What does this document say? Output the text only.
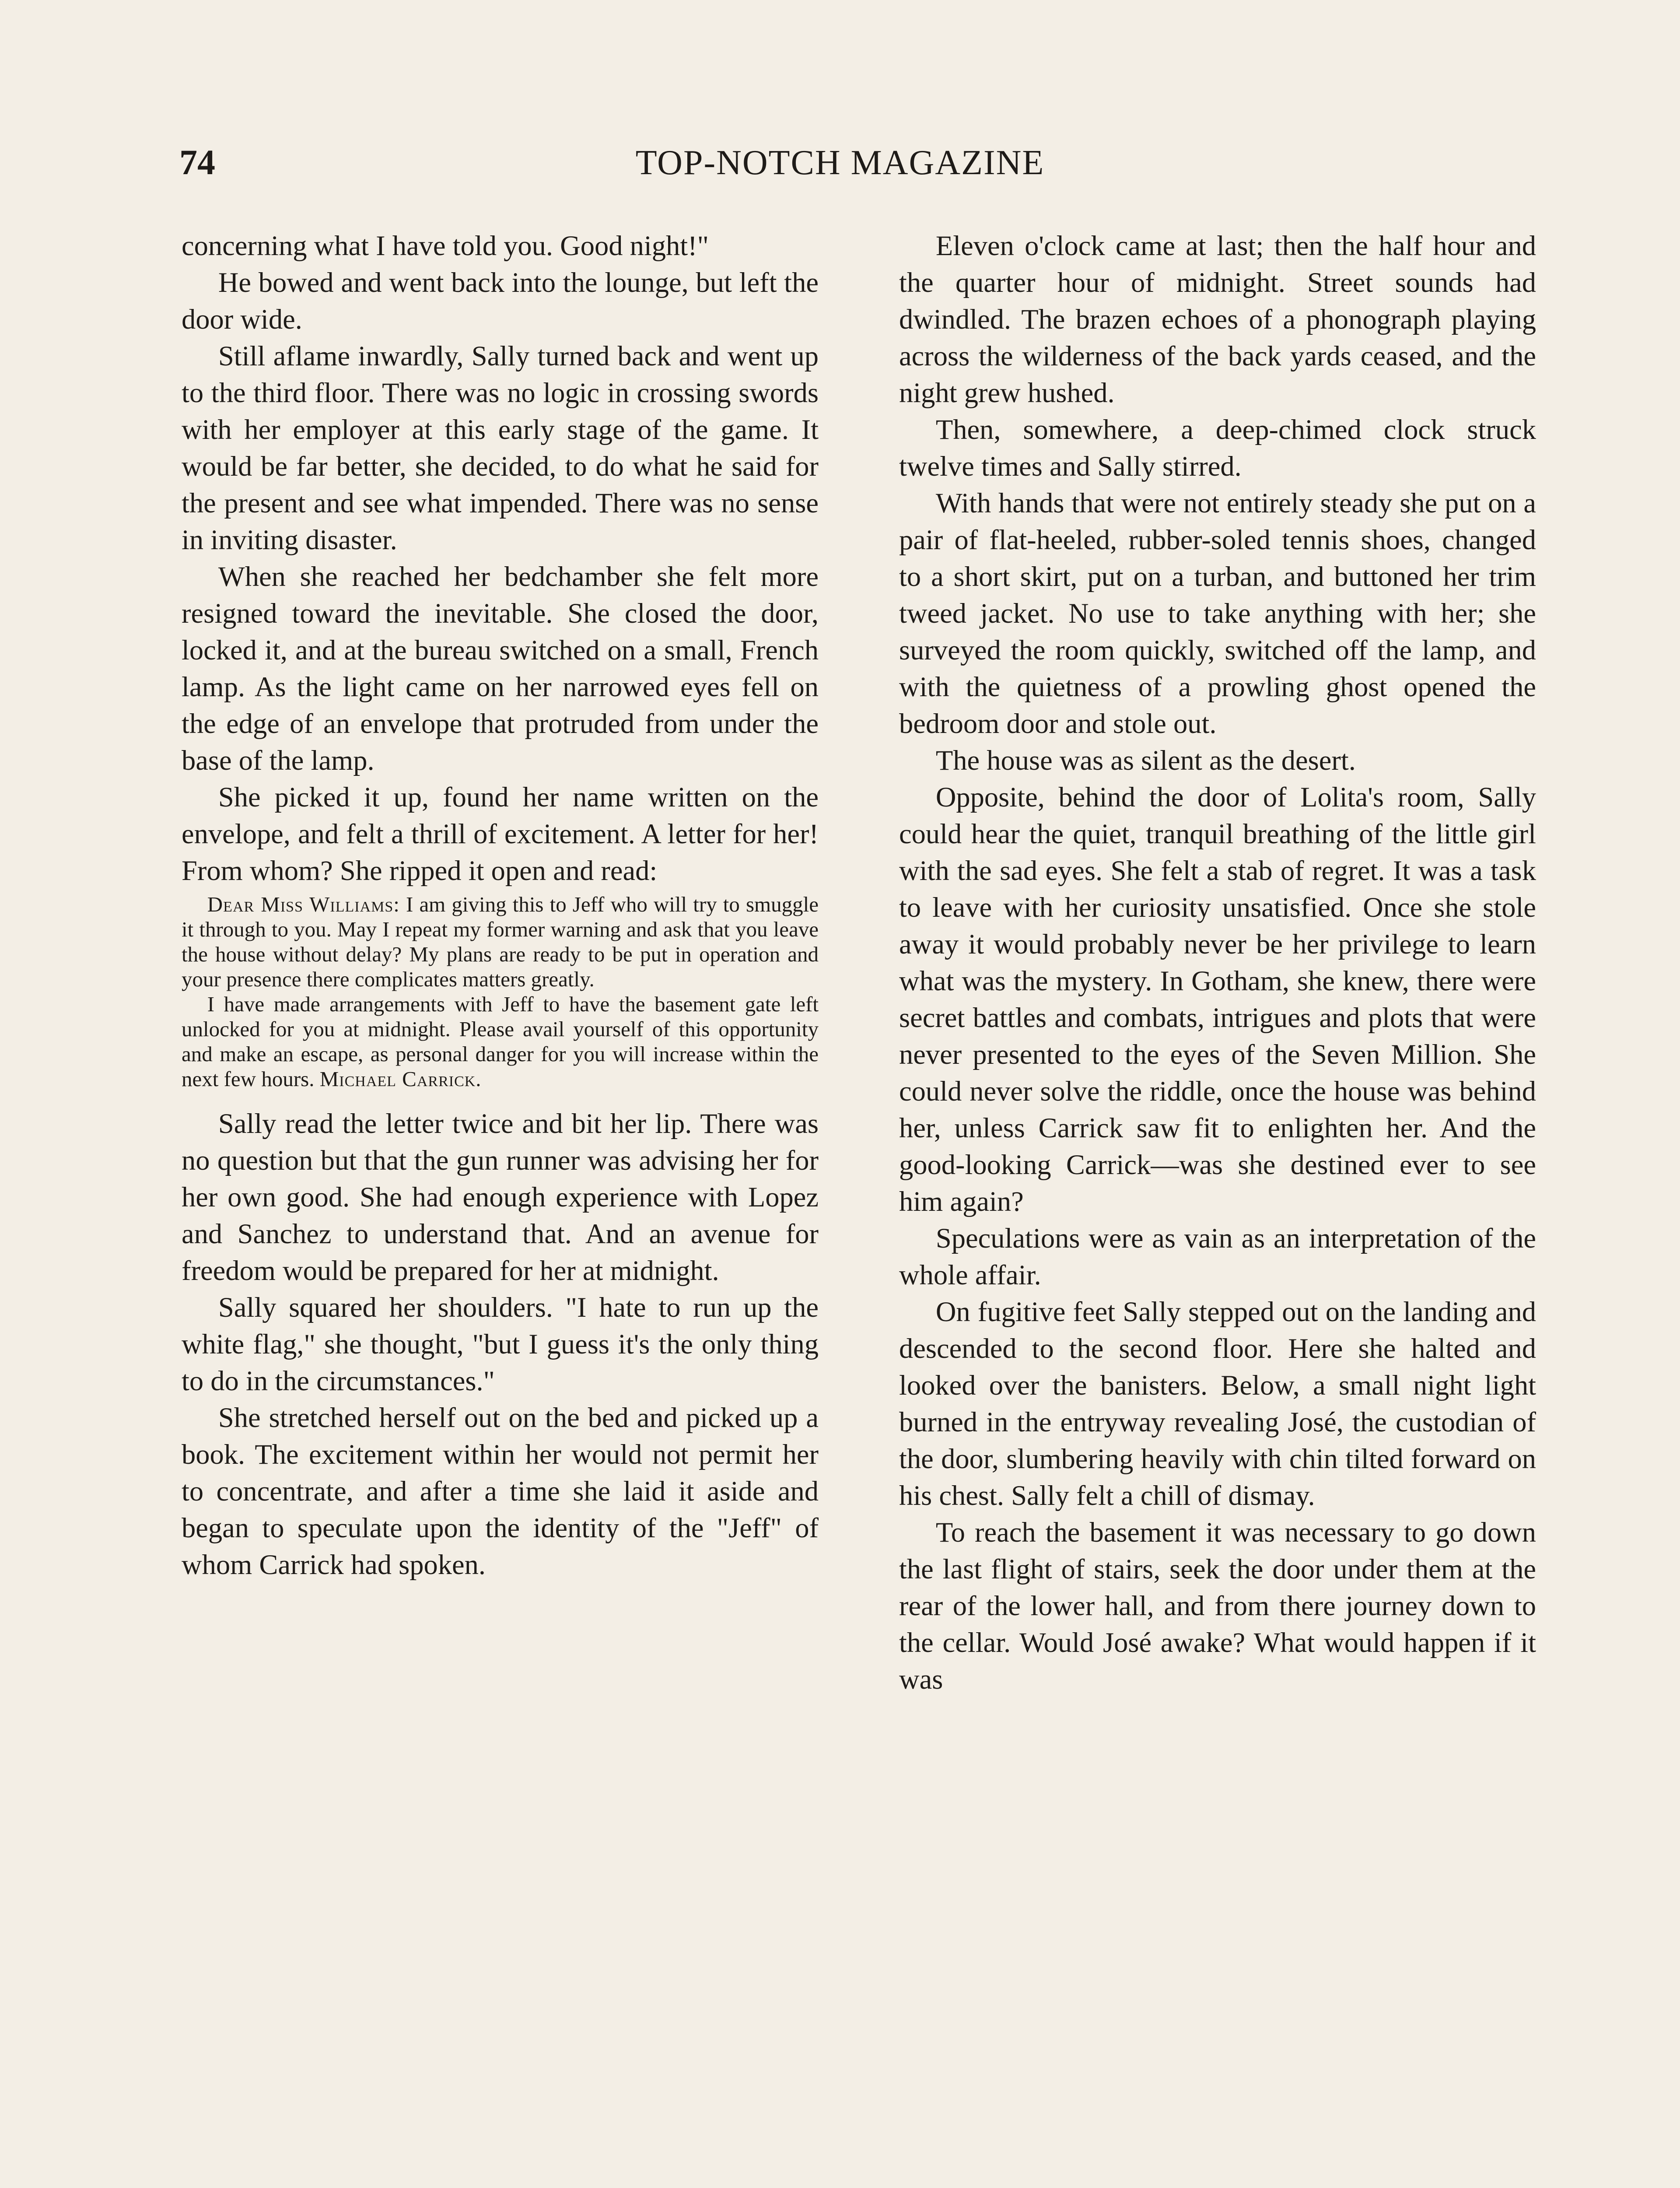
74	TOP-NOTCH MAGAZINE

concerning what I have told you. Good night!"

He bowed and went back into the lounge, but left the door wide.

Still aflame inwardly, Sally turned back and went up to the third floor. There was no logic in crossing swords with her employer at this early stage of the game. It would be far better, she decided, to do what he said for the present and see what impended. There was no sense in inviting disaster.

When she reached her bedchamber she felt more resigned toward the inevitable. She closed the door, locked it, and at the bureau switched on a small, French lamp. As the light came on her narrowed eyes fell on the edge of an envelope that protruded from under the base of the lamp.

She picked it up, found her name written on the envelope, and felt a thrill of excitement. A letter for her! From whom? She ripped it open and read:

Dear Miss Williams: I am giving this to Jeff who will try to smuggle it through to you. May I repeat my former warning and ask that you leave the house without delay? My plans are ready to be put in operation and your presence there complicates matters greatly.

I have made arrangements with Jeff to have the basement gate left unlocked for you at midnight. Please avail yourself of this opportunity and make an escape, as personal danger for you will increase within the next few hours. Michael Carrick.

Sally read the letter twice and bit her lip. There was no question but that the gun runner was advising her for her own good. She had enough experience with Lopez and Sanchez to understand that. And an avenue for freedom would be prepared for her at midnight.

Sally squared her shoulders. "I hate to run up the white flag," she thought, "but I guess it's the only thing to do in the circumstances."

She stretched herself out on the bed and picked up a book. The excitement within her would not permit her to concentrate, and after a time she laid it aside and began to speculate upon the identity of the "Jeff" of whom Carrick had spoken.

Eleven o'clock came at last; then the half hour and the quarter hour of midnight. Street sounds had dwindled. The brazen echoes of a phonograph playing across the wilderness of the back yards ceased, and the night grew hushed.

Then, somewhere, a deep-chimed clock struck twelve times and Sally stirred.

With hands that were not entirely steady she put on a pair of flat-heeled, rubber-soled tennis shoes, changed to a short skirt, put on a turban, and buttoned her trim tweed jacket. No use to take anything with her; she surveyed the room quickly, switched off the lamp, and with the quietness of a prowling ghost opened the bedroom door and stole out.

The house was as silent as the desert.

Opposite, behind the door of Lolita's room, Sally could hear the quiet, tranquil breathing of the little girl with the sad eyes. She felt a stab of regret. It was a task to leave with her curiosity unsatisfied. Once she stole away it would probably never be her privilege to learn what was the mystery. In Gotham, she knew, there were secret battles and combats, intrigues and plots that were never presented to the eyes of the Seven Million. She could never solve the riddle, once the house was behind her, unless Carrick saw fit to enlighten her. And the good-looking Carrick—was she destined ever to see him again?

Speculations were as vain as an interpretation of the whole affair.

On fugitive feet Sally stepped out on the landing and descended to the second floor. Here she halted and looked over the banisters. Below, a small night light burned in the entryway revealing José, the custodian of the door, slumbering heavily with chin tilted forward on his chest. Sally felt a chill of dismay.

To reach the basement it was necessary to go down the last flight of stairs, seek the door under them at the rear of the lower hall, and from there journey down to the cellar. Would José awake? What would happen if it was
